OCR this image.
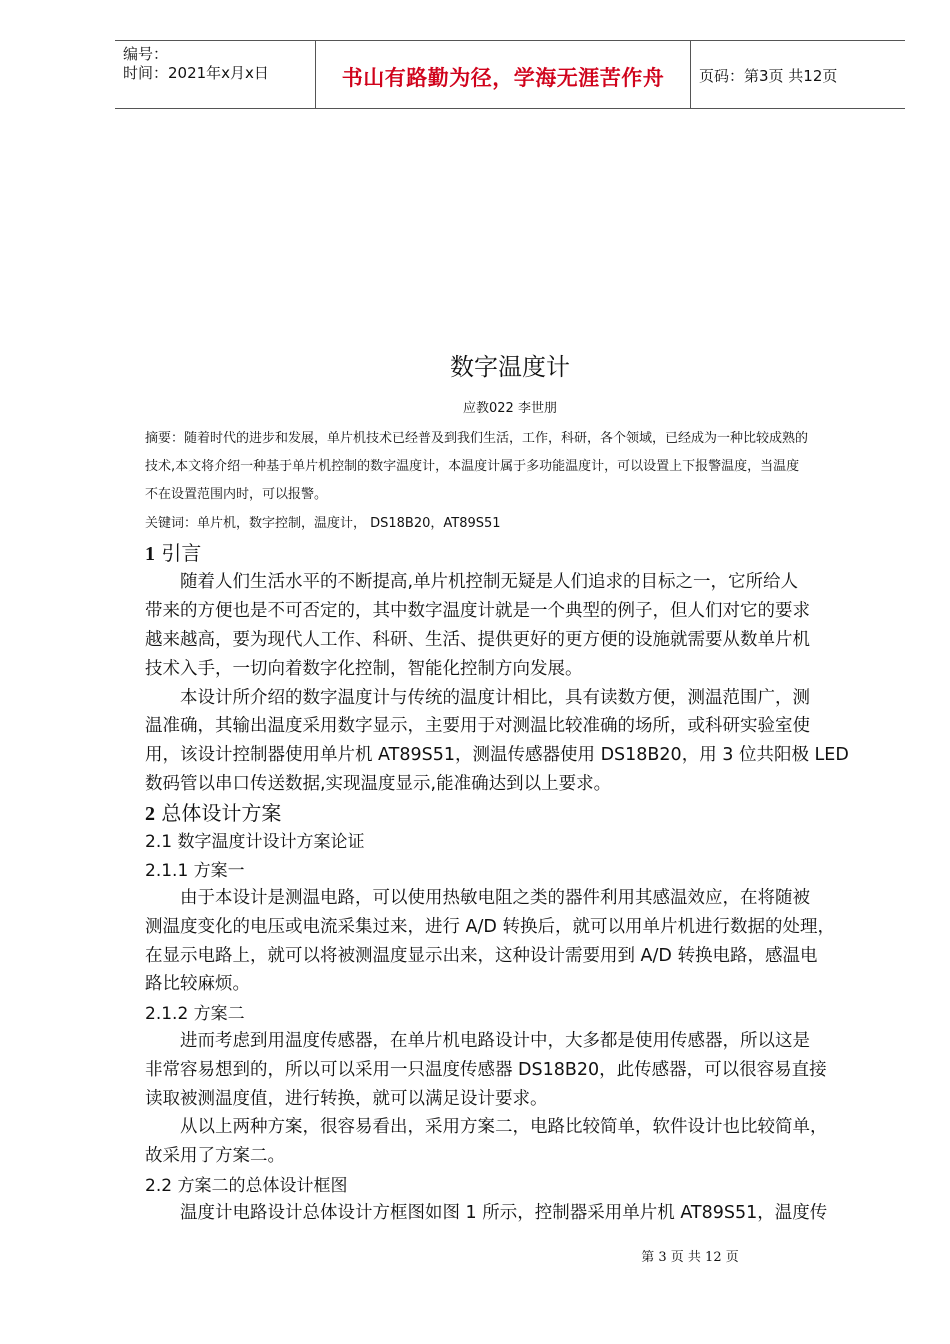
编号：
时间：2021年x月x日	书山有路勤为径，学海无涯苦作舟	页码：第3页 共12页
数字温度计
应教022 李世朋
摘要：随着时代的进步和发展，单片机技术已经普及到我们生活，工作，科研，各个领域，已经成为一种比较成熟的
技术,本文将介绍一种基于单片机控制的数字温度计，本温度计属于多功能温度计，可以设置上下报警温度，当温度
不在设置范围内时，可以报警。
关键词：单片机，数字控制，温度计， DS18B20，AT89S51
1 引言
随着人们生活水平的不断提高,单片机控制无疑是人们追求的目标之一，它所给人
带来的方便也是不可否定的，其中数字温度计就是一个典型的例子，但人们对它的要求
越来越高，要为现代人工作、科研、生活、提供更好的更方便的设施就需要从数单片机
技术入手，一切向着数字化控制，智能化控制方向发展。
本设计所介绍的数字温度计与传统的温度计相比，具有读数方便，测温范围广，测
温准确，其输出温度采用数字显示，主要用于对测温比较准确的场所，或科研实验室使
用，该设计控制器使用单片机 AT89S51，测温传感器使用 DS18B20，用 3 位共阳极 LED
数码管以串口传送数据,实现温度显示,能准确达到以上要求。
2 总体设计方案
2.1 数字温度计设计方案论证
2.1.1 方案一
由于本设计是测温电路，可以使用热敏电阻之类的器件利用其感温效应，在将随被
测温度变化的电压或电流采集过来，进行 A/D 转换后，就可以用单片机进行数据的处理，
在显示电路上，就可以将被测温度显示出来，这种设计需要用到 A/D 转换电路，感温电
路比较麻烦。
2.1.2 方案二
进而考虑到用温度传感器，在单片机电路设计中，大多都是使用传感器，所以这是
非常容易想到的，所以可以采用一只温度传感器 DS18B20，此传感器，可以很容易直接
读取被测温度值，进行转换，就可以满足设计要求。
从以上两种方案，很容易看出，采用方案二，电路比较简单，软件设计也比较简单，
故采用了方案二。
2.2 方案二的总体设计框图
温度计电路设计总体设计方框图如图 1 所示，控制器采用单片机 AT89S51，温度传
第 3 页 共 12 页
